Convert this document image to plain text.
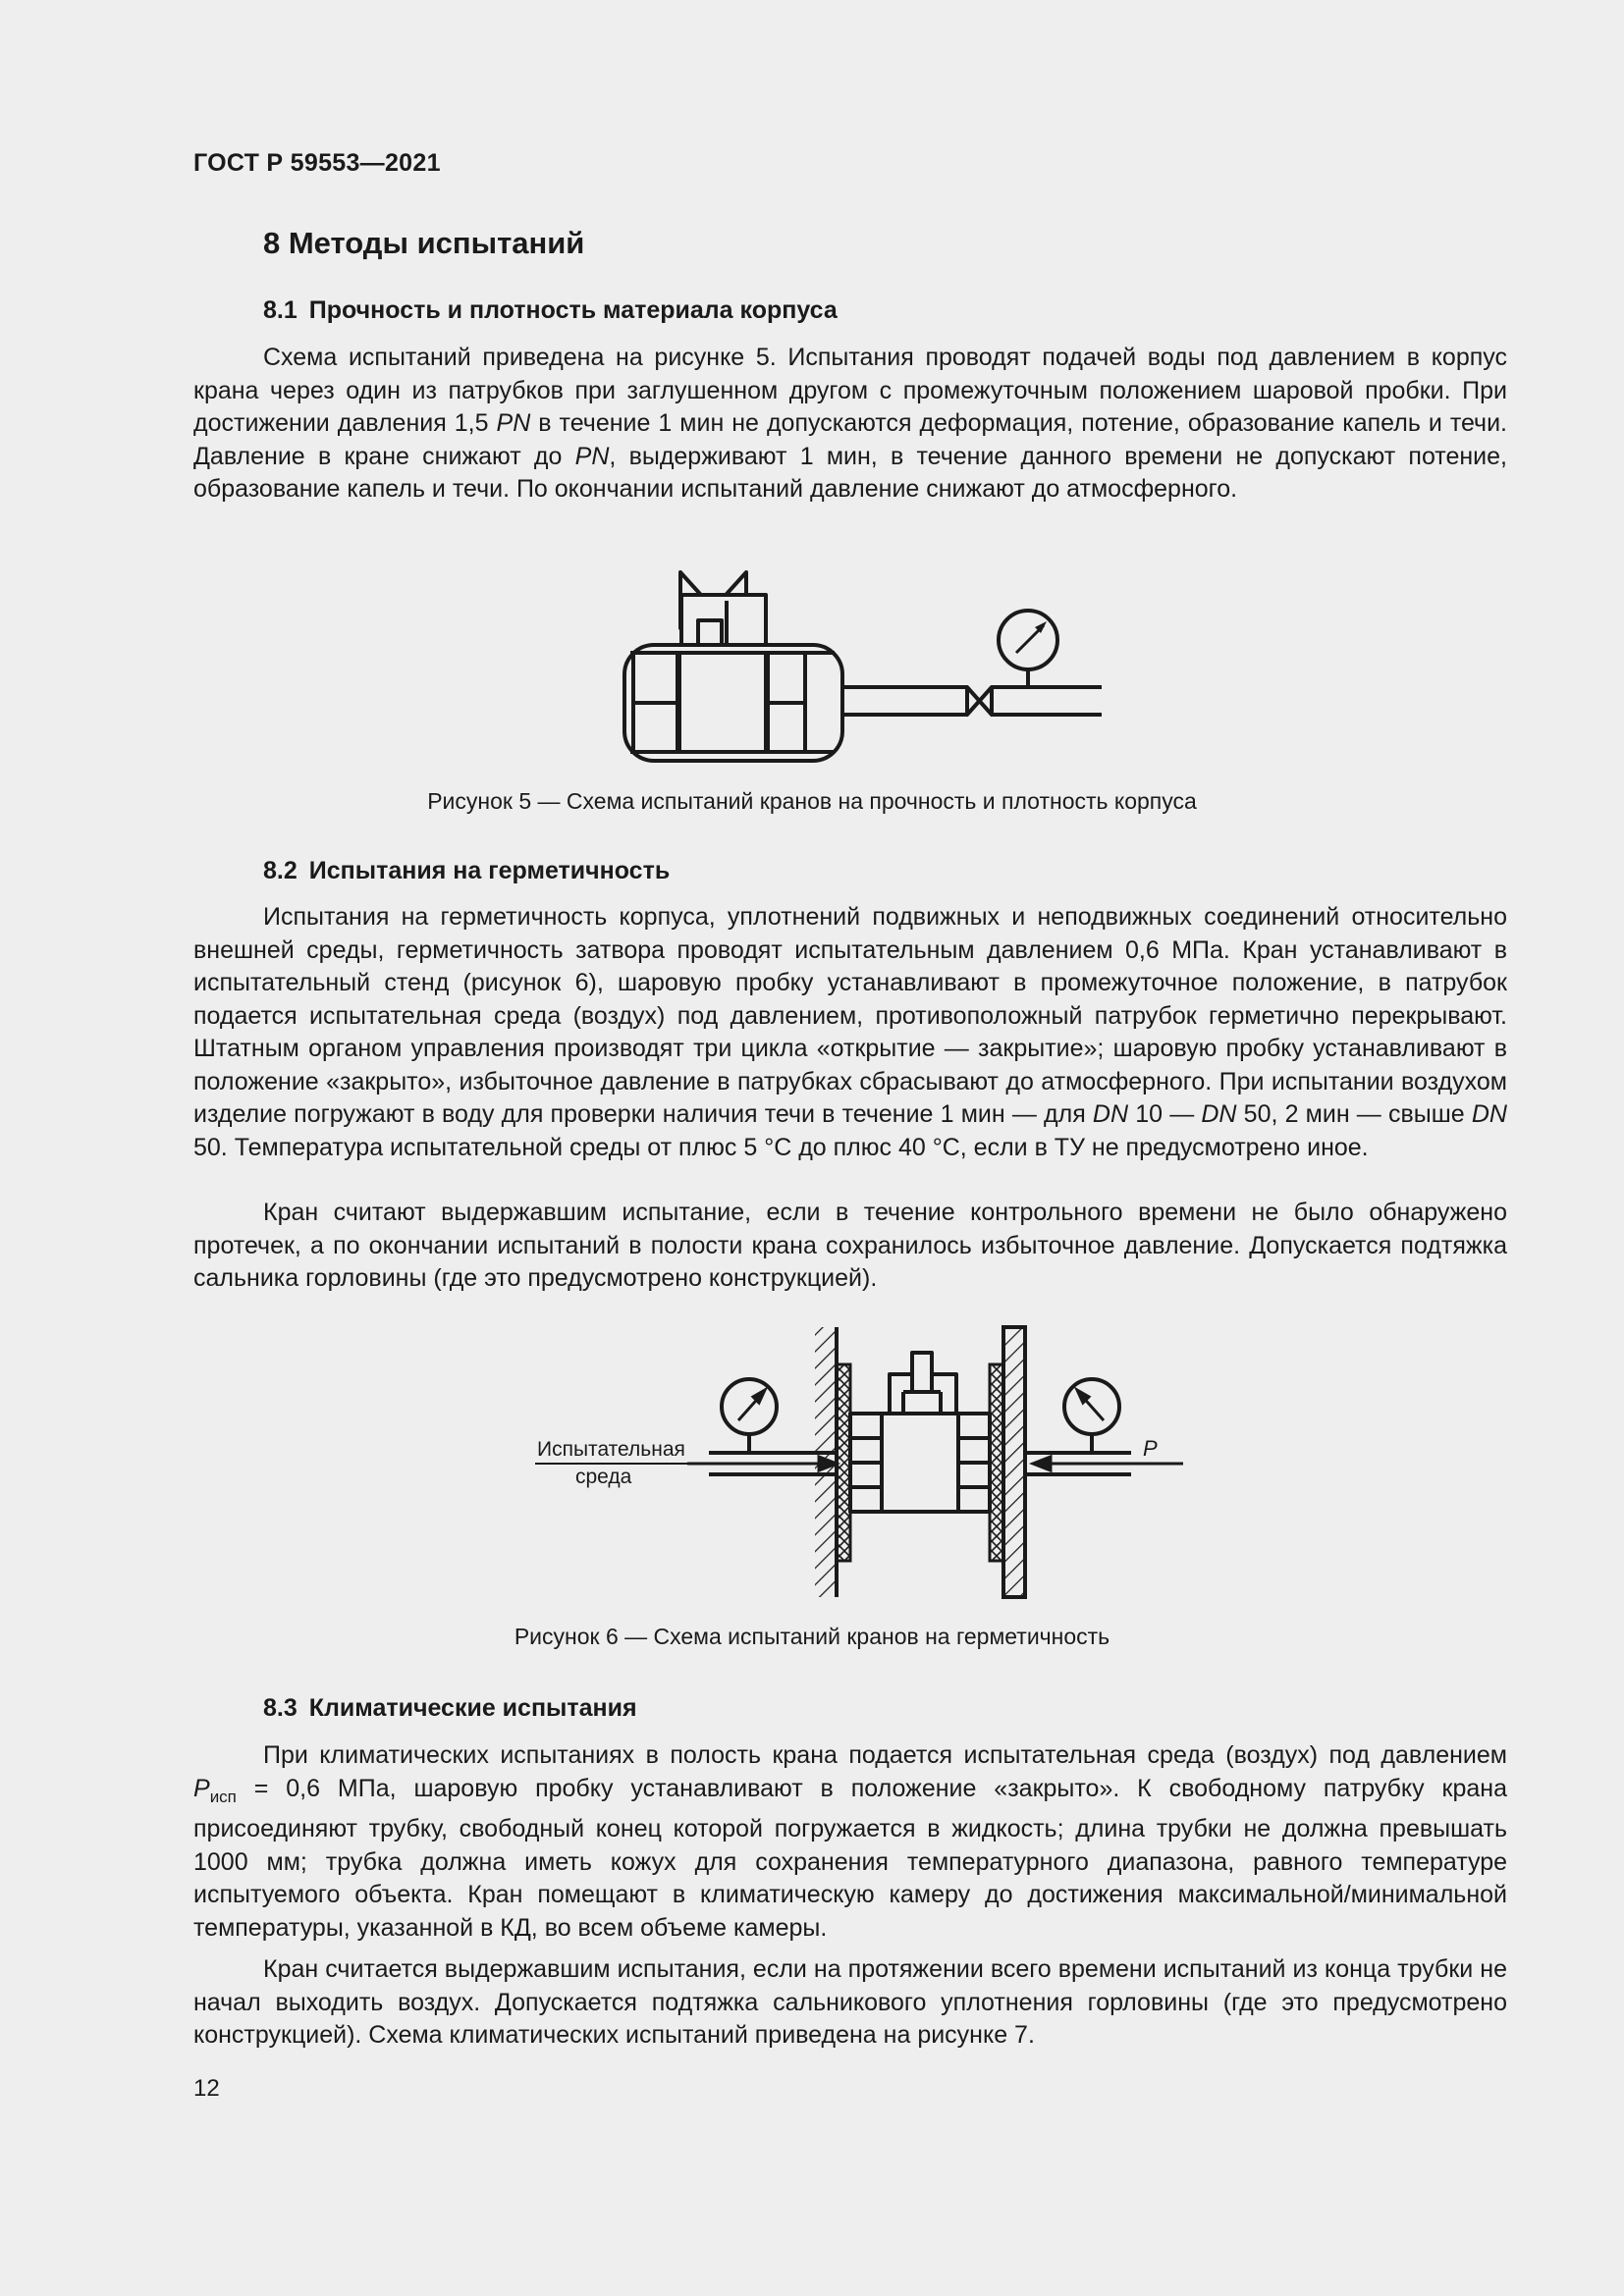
ГОСТ Р 59553—2021
8 Методы испытаний
8.1 Прочность и плотность материала корпуса

Схема испытаний приведена на рисунке 5. Испытания проводят подачей воды под давлением в корпус крана через один из патрубков при заглушенном другом с промежуточным положением шаровой пробки. При достижении давления 1,5 PN в течение 1 мин не допускаются деформация, потение, образование капель и течи. Давление в кране снижают до PN, выдерживают 1 мин, в течение данного времени не допускают потение, образование капель и течи. По окончании испытаний давление снижают до атмосферного.

Рисунок 5 — Схема испытаний кранов на прочность и плотность корпуса
8.2 Испытания на герметичность

Испытания на герметичность корпуса, уплотнений подвижных и неподвижных соединений относительно внешней среды, герметичность затвора проводят испытательным давлением 0,6 МПа. Кран устанавливают в испытательный стенд (рисунок 6), шаровую пробку устанавливают в промежуточное положение, в патрубок подается испытательная среда (воздух) под давлением, противоположный патрубок герметично перекрывают. Штатным органом управления производят три цикла «открытие — закрытие»; шаровую пробку устанавливают в положение «закрыто», избыточное давление в патрубках сбрасывают до атмосферного. При испытании воздухом изделие погружают в воду для проверки наличия течи в течение 1 мин — для DN 10 — DN 50, 2 мин — свыше DN 50. Температура испытательной среды от плюс 5 °С до плюс 40 °С, если в ТУ не предусмотрено иное.

Кран считают выдержавшим испытание, если в течение контрольного времени не было обнаружено протечек, а по окончании испытаний в полости крана сохранилось избыточное давление. Допускается подтяжка сальника горловины (где это предусмотрено конструкцией).

Испытательная
среда
P
Рисунок 6 — Схема испытаний кранов на герметичность
8.3 Климатические испытания

При климатических испытаниях в полость крана подается испытательная среда (воздух) под давлением $P_{исп} = 0,6$ МПа, шаровую пробку устанавливают в положение «закрыто». К свободному патрубку крана присоединяют трубку, свободный конец которой погружается в жидкость; длина трубки не должна превышать 1000 мм; трубка должна иметь кожух для сохранения температурного диапазона, равного температуре испытуемого объекта. Кран помещают в климатическую камеру до достижения максимальной/минимальной температуры, указанной в КД, во всем объеме камеры.

Кран считается выдержавшим испытания, если на протяжении всего времени испытаний из конца трубки не начал выходить воздух. Допускается подтяжка сальникового уплотнения горловины (где это предусмотрено конструкцией). Схема климатических испытаний приведена на рисунке 7.

12
